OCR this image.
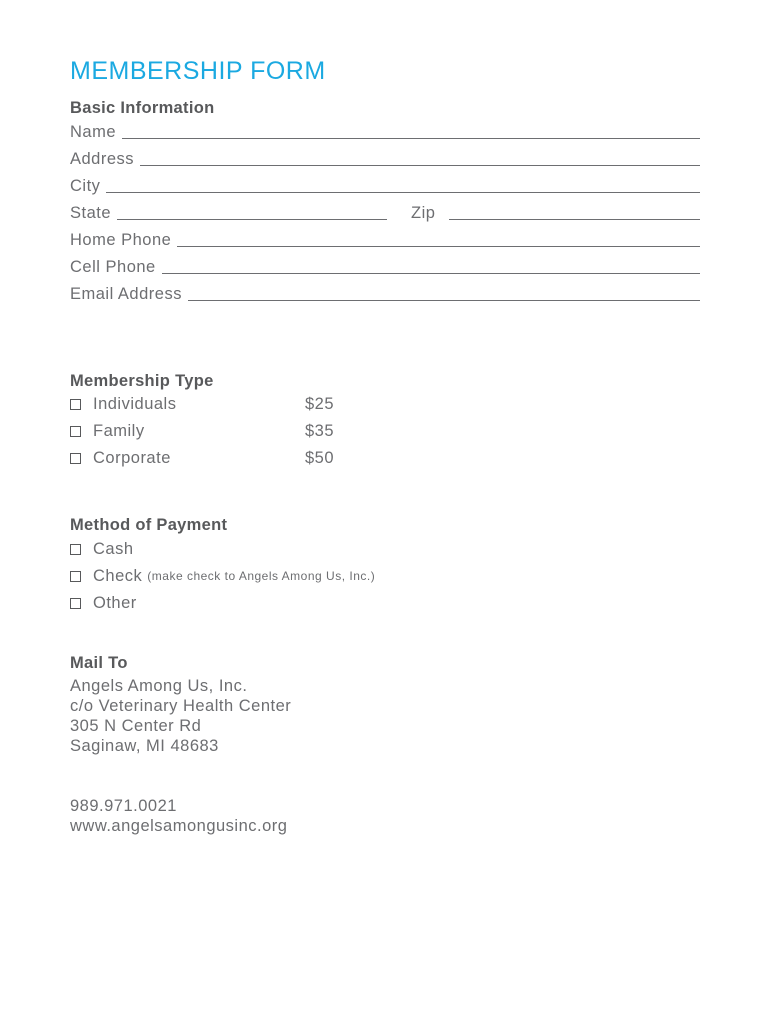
MEMBERSHIP FORM
Basic Information
Name
Address
City
State	Zip
Home Phone
Cell Phone
Email Address
Membership Type
Individuals	$25
Family	$35
Corporate	$50
Method of Payment
Cash
Check (make check to Angels Among Us, Inc.)
Other
Mail To

Angels Among Us, Inc.

c/o Veterinary Health Center

305 N Center Rd

Saginaw, MI 48683

989.971.0021

www.angelsamongusinc.org
